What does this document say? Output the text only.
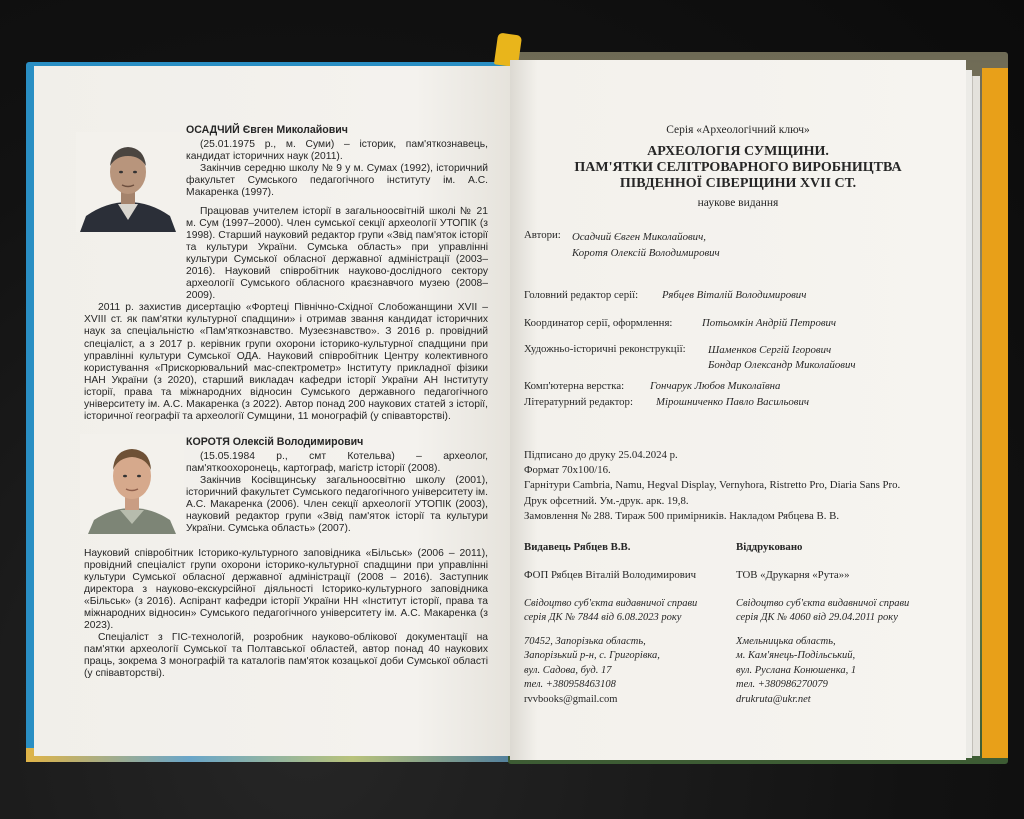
ОСАДЧИЙ Євген Миколайович

(25.01.1975 р., м. Суми) – історик, пам'яткознавець, кандидат історичних наук (2011).

Закінчив середню школу № 9 у м. Сумах (1992), історичний факультет Сумського педагогічного інституту ім. А.С. Макаренка (1997).

Працював учителем історії в загальноосвітній школі № 21 м. Сум (1997–2000). Член сумської секції археології УТОПІК (з 1998). Старший науковий редактор групи «Звід пам'яток історії та культури України. Сумська область» при управлінні культури Сумської обласної державної адміністрації (2003–2016). Науковий співробітник науково-дослідного сектору археології Сумського обласного краєзнавчого музею (2008–2009).

2011 р. захистив дисертацію «Фортеці Північно-Східної Слобожанщини XVII – XVIII ст. як пам'ятки культурної спадщини» і отримав звання кандидат історичних наук за спеціальністю «Пам'яткознавство. Музеєзнавство». З 2016 р. провідний спеціаліст, а з 2017 р. керівник групи охорони історико-культурної спадщини при управлінні культури Сумської ОДА. Науковий співробітник Центру колективного користування «Прискорювальний мас-спектрометр» Інституту прикладної фізики НАН України (з 2020), старший викладач кафедри історії України АН Інституту історії, права та міжнародних відносин Сумського державного педагогічного університету ім. А.С. Макаренка (з 2022). Автор понад 200 наукових статей з історії, історичної географії та археології Сумщини, 11 монографій (у співавторстві).

КОРОТЯ Олексій Володимирович

(15.05.1984 р., смт Котельва) – археолог, пам'яткоохоронець, картограф, магістр історії (2008).

Закінчив Косівщинську загальноосвітню школу (2001), історичний факультет Сумського педагогічного університету ім. А.С. Макаренка (2006). Член секції археології УТОПІК (2003), науковий редактор групи «Звід пам'яток історії та культури України. Сумська область» (2007).

Науковий співробітник Історико-культурного заповідника «Більськ» (2006 – 2011), провідний спеціаліст групи охорони історико-культурної спадщини при управлінні культури Сумської обласної державної адміністрації (2008 – 2016). Заступник директора з науково-екскурсійної діяльності Історико-культурного заповідника «Більськ» (з 2016). Аспірант кафедри історії України НН «Інститут історії, права та міжнародних відносин» Сумського педагогічного університету ім. А.С. Макаренка (з 2023).

Спеціаліст з ГІС-технологій, розробник науково-облікової документації на пам'ятки археології Сумської та Полтавської областей, автор понад 40 наукових праць, зокрема 3 монографій та каталогів пам'яток козацької доби Сумської області (у співавторстві).

Серія «Археологічний ключ»
АРХЕОЛОГІЯ СУМЩИНИ.
ПАМ'ЯТКИ СЕЛІТРОВАРНОГО ВИРОБНИЦТВА
ПІВДЕННОЇ СІВЕРЩИНИ XVII СТ.
наукове видання
Автори: Осадчий Євген Миколайович,
Коротя Олексій Володимирович
Головний редактор серії: Рябцев Віталій Володимирович
Координатор серії, оформлення:	Потьомкін Андрій Петрович
Художньо-історичні реконструкції: Шаменков Сергій Ігорович
Бондар Олександр Миколайович
Комп'ютерна верстка: Гончарук Любов Миколаївна
Літературний редактор: Мірошниченко Павло Васильович
Підписано до друку 25.04.2024 р.
Формат 70х100/16.
Гарнітури Cambria, Namu, Hegval Display, Vernyhora, Ristretto Pro, Diaria Sans Pro.
Друк офсетний. Ум.-друк. арк. 19,8.
Замовлення № 288. Тираж 500 примірників. Накладом Рябцева В. В.
Видавець Рябцев В.В.
ФОП Рябцев Віталій Володимирович
Свідоцтво суб'єкта видавничої справи
серія ДК № 7844 від 6.08.2023 року
70452, Запорізька область,
Запорізький р-н, с. Григорівка,
вул. Садова, буд. 17
тел. +380958463108
rvvbooks@gmail.com
Віддруковано
ТОВ «Друкарня «Рута»»
Свідоцтво суб'єкта видавничої справи
серія ДК № 4060 від 29.04.2011 року
Хмельницька область,
м. Кам'янець-Подільський,
вул. Руслана Конюшенка, 1
тел. +380986270079
drukruta@ukr.net
